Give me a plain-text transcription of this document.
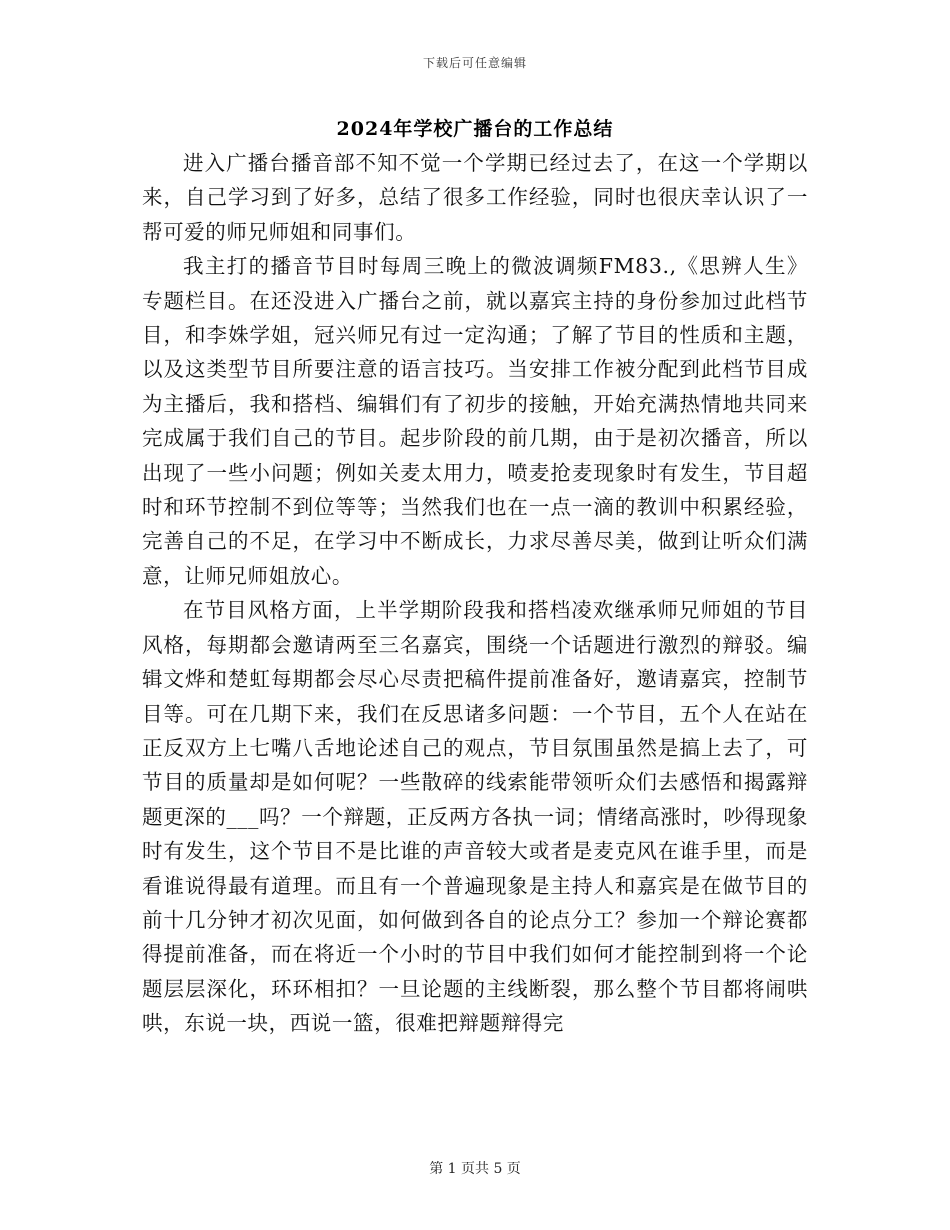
下载后可任意编辑
2024年学校广播台的工作总结

进入广播台播音部不知不觉一个学期已经过去了，在这一个学期以来，自己学习到了好多，总结了很多工作经验，同时也很庆幸认识了一帮可爱的师兄师姐和同事们。

我主打的播音节目时每周三晚上的微波调频FM83.,《思辨人生》专题栏目。在还没进入广播台之前，就以嘉宾主持的身份参加过此档节目，和李姝学姐，冠兴师兄有过一定沟通；了解了节目的性质和主题，以及这类型节目所要注意的语言技巧。当安排工作被分配到此档节目成为主播后，我和搭档、编辑们有了初步的接触，开始充满热情地共同来完成属于我们自己的节目。起步阶段的前几期，由于是初次播音，所以出现了一些小问题；例如关麦太用力，喷麦抢麦现象时有发生，节目超时和环节控制不到位等等；当然我们也在一点一滴的教训中积累经验，完善自己的不足，在学习中不断成长，力求尽善尽美，做到让听众们满意，让师兄师姐放心。

在节目风格方面，上半学期阶段我和搭档凌欢继承师兄师姐的节目风格，每期都会邀请两至三名嘉宾，围绕一个话题进行激烈的辩驳。编辑文烨和楚虹每期都会尽心尽责把稿件提前准备好，邀请嘉宾，控制节目等。可在几期下来，我们在反思诸多问题：一个节目，五个人在站在正反双方上七嘴八舌地论述自己的观点，节目氛围虽然是搞上去了，可节目的质量却是如何呢？一些散碎的线索能带领听众们去感悟和揭露辩题更深的___吗？一个辩题，正反两方各执一词；情绪高涨时，吵得现象时有发生，这个节目不是比谁的声音较大或者是麦克风在谁手里，而是看谁说得最有道理。而且有一个普遍现象是主持人和嘉宾是在做节目的前十几分钟才初次见面，如何做到各自的论点分工？参加一个辩论赛都得提前准备，而在将近一个小时的节目中我们如何才能控制到将一个论题层层深化，环环相扣？一旦论题的主线断裂，那么整个节目都将闹哄哄，东说一块，西说一篮，很难把辩题辩得完

第 1 页共 5 页
